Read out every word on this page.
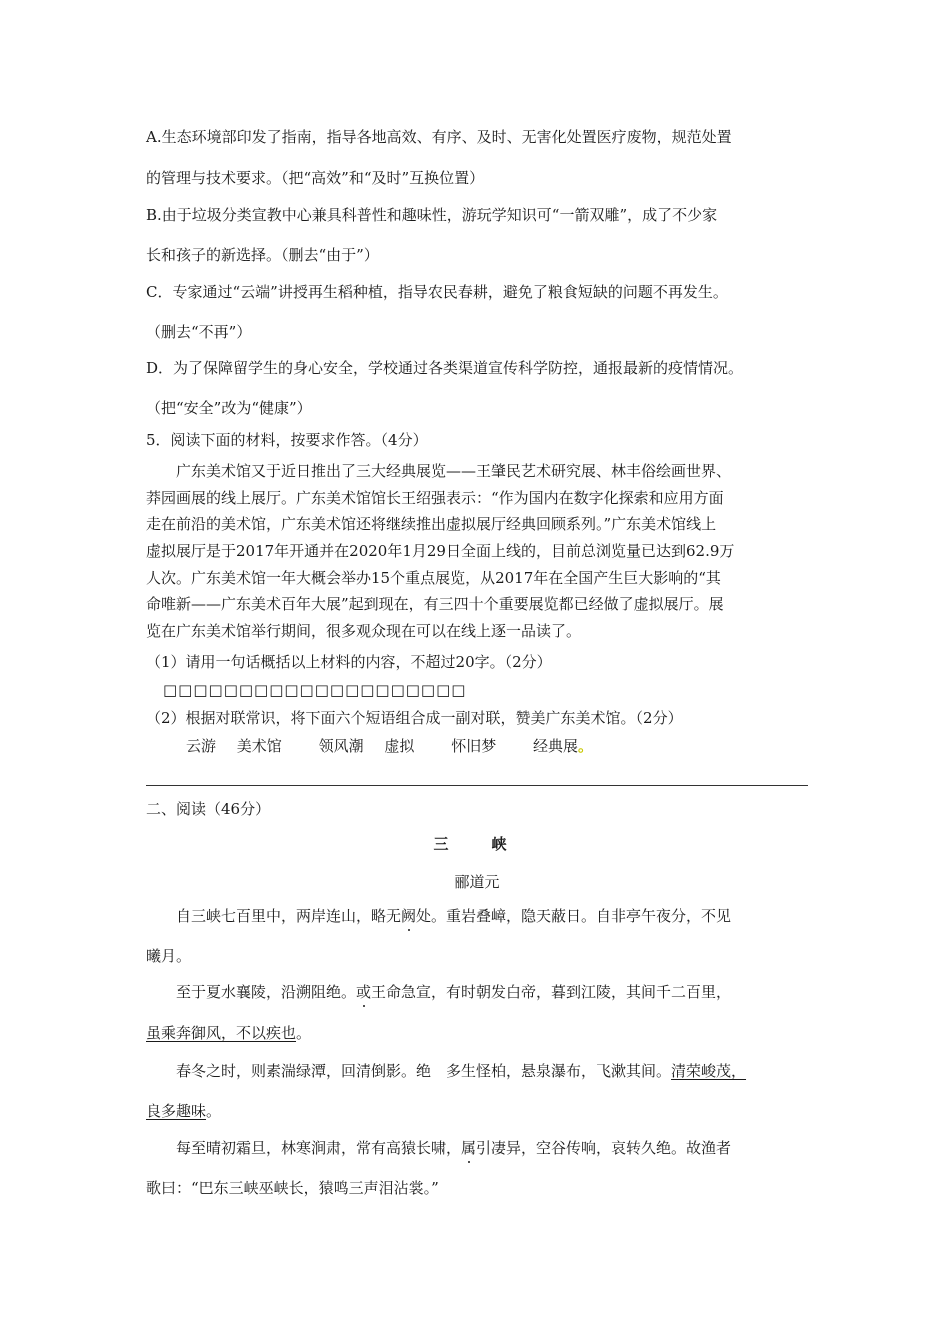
A.生态环境部印发了指南，指导各地高效、有序、及时、无害化处置医疗废物，规范处置
的管理与技术要求。（把“高效”和“及时”互换位置）
B.由于垃圾分类宣教中心兼具科普性和趣味性，游玩学知识可“一箭双雕”，成了不少家
长和孩子的新选择。（删去“由于”）
C．专家通过“云端”讲授再生稻种植，指导农民春耕，避免了粮食短缺的问题不再发生。
（删去“不再”）
D．为了保障留学生的身心安全，学校通过各类渠道宣传科学防控，通报最新的疫情情况。
（把“安全”改为“健康”）
5．阅读下面的材料，按要求作答。（4分）
广东美术馆又于近日推出了三大经典展览——王肇民艺术研究展、林丰俗绘画世界、
莽园画展的线上展厅。广东美术馆馆长王绍强表示：“作为国内在数字化探索和应用方面
走在前沿的美术馆，广东美术馆还将继续推出虚拟展厅经典回顾系列。”广东美术馆线上
虚拟展厅是于2017年开通并在2020年1月29日全面上线的，目前总浏览量已达到62.9万
人次。广东美术馆一年大概会举办15个重点展览，从2017年在全国产生巨大影响的“其
命唯新——广东美术百年大展”起到现在，有三四十个重要展览都已经做了虚拟展厅。展
览在广东美术馆举行期间，很多观众现在可以在线上逐一品读了。
（1）请用一句话概括以上材料的内容，不超过20字。（2分）
□□□□□□□□□□□□□□□□□□□□
（2）根据对联常识，将下面六个短语组合成一副对联，赞美广东美术馆。（2分）
云游 美术馆 领风潮 虚拟 怀旧梦 经典展。
二、阅读（46分）
三　峡
郦道元
自三峡七百里中，两岸连山，略无阙处。重岩叠嶂，隐天蔽日。自非亭午夜分，不见
曦月。
至于夏水襄陵，沿溯阻绝。或王命急宣，有时朝发白帝，暮到江陵，其间千二百里，
虽乘奔御风，不以疾也。
春冬之时，则素湍绿潭，回清倒影。绝　多生怪柏，悬泉瀑布，飞漱其间。清荣峻茂，
良多趣味。
每至晴初霜旦，林寒涧肃，常有高猿长啸，属引凄异，空谷传响，哀转久绝。故渔者
歌曰：“巴东三峡巫峡长，猿鸣三声泪沾裳。”
